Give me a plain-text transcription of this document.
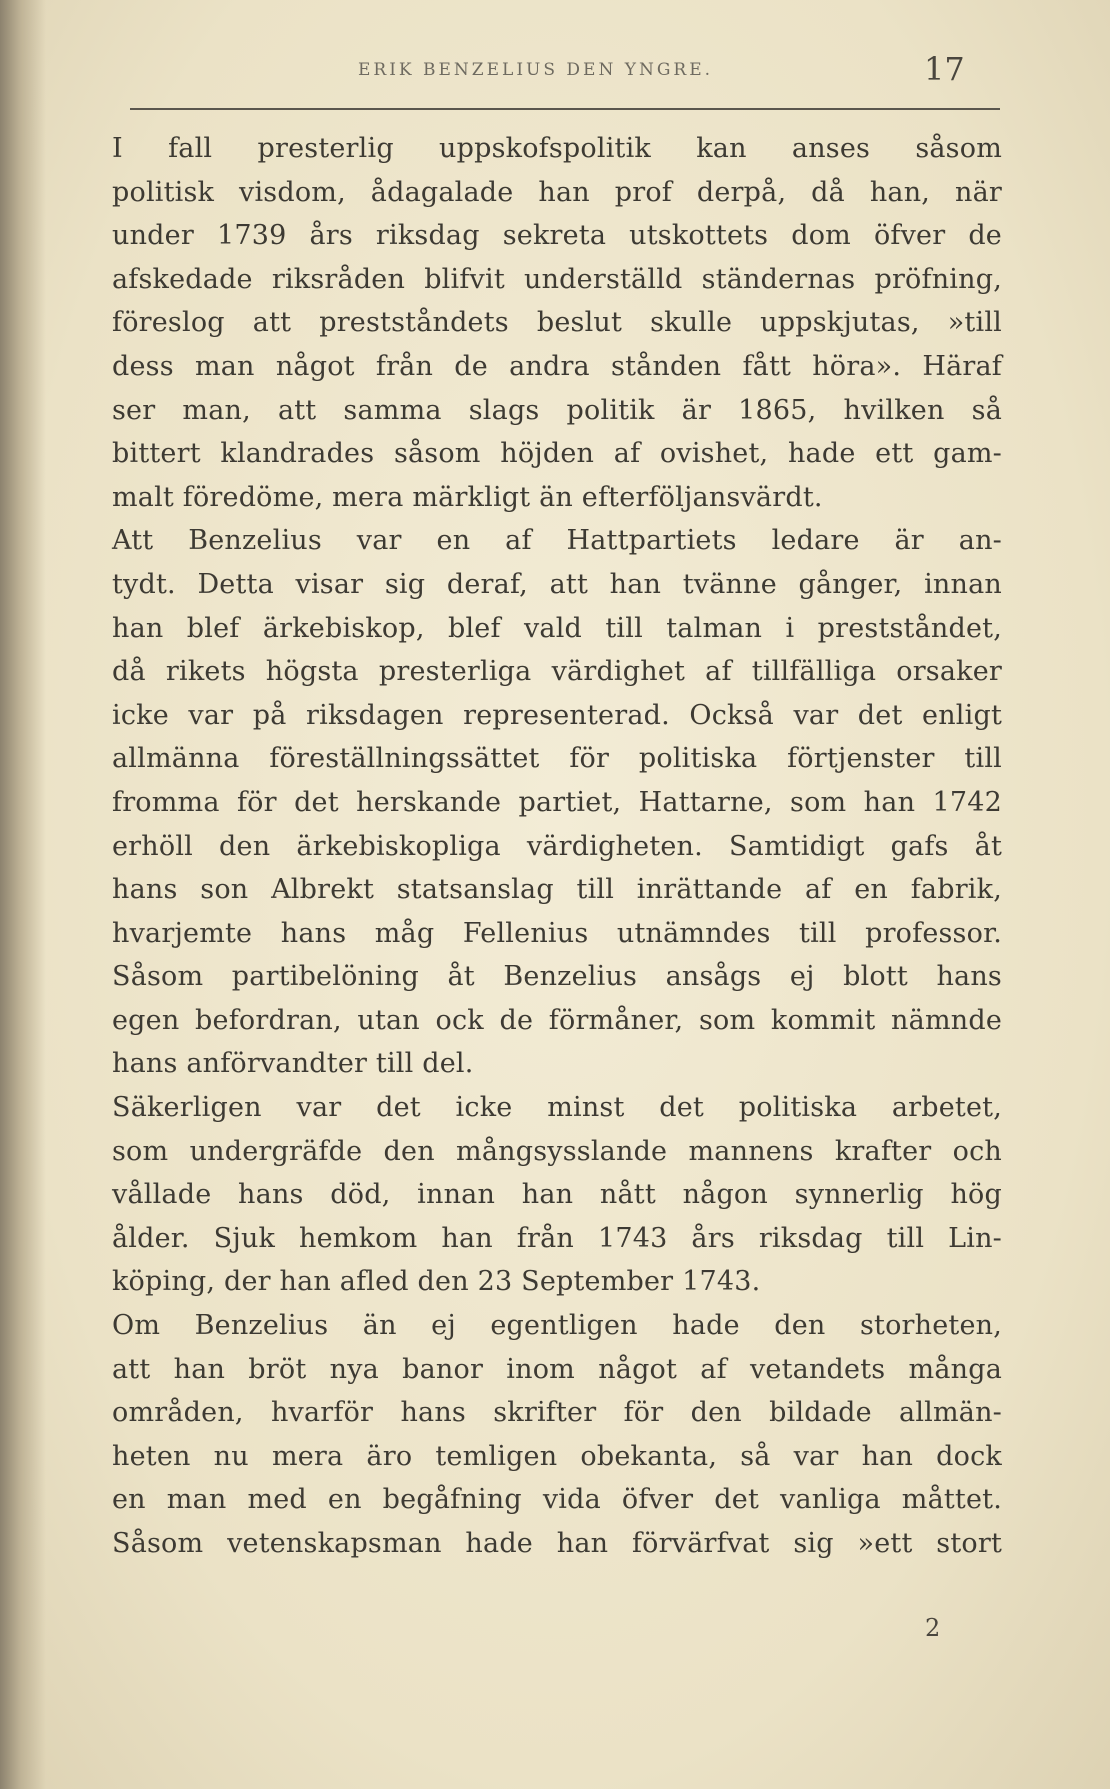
ERIK BENZELIUS DEN YNGRE.	17
I fall presterlig uppskofspolitik kan anses såsom
politisk visdom, ådagalade han prof derpå, då han, när
under 1739 års riksdag sekreta utskottets dom öfver de
afskedade riksråden blifvit underställd ständernas pröfning,
föreslog att prestståndets beslut skulle uppskjutas, »till
dess man något från de andra stånden fått höra». Häraf
ser man, att samma slags politik är 1865, hvilken så
bittert klandrades såsom höjden af ovishet, hade ett gam-
malt föredöme, mera märkligt än efterföljansvärdt.
Att Benzelius var en af Hattpartiets ledare är an-
tydt. Detta visar sig deraf, att han tvänne gånger, innan
han blef ärkebiskop, blef vald till talman i prestståndet,
då rikets högsta presterliga värdighet af tillfälliga orsaker
icke var på riksdagen representerad. Också var det enligt
allmänna föreställningssättet för politiska förtjenster till
fromma för det herskande partiet, Hattarne, som han 1742
erhöll den ärkebiskopliga värdigheten. Samtidigt gafs åt
hans son Albrekt statsanslag till inrättande af en fabrik,
hvarjemte hans måg Fellenius utnämndes till professor.
Såsom partibelöning åt Benzelius ansågs ej blott hans
egen befordran, utan ock de förmåner, som kommit nämnde
hans anförvandter till del.
Säkerligen var det icke minst det politiska arbetet,
som undergräfde den mångsysslande mannens krafter och
vållade hans död, innan han nått någon synnerlig hög
ålder. Sjuk hemkom han från 1743 års riksdag till Lin-
köping, der han afled den 23 September 1743.
Om Benzelius än ej egentligen hade den storheten,
att han bröt nya banor inom något af vetandets många
områden, hvarför hans skrifter för den bildade allmän-
heten nu mera äro temligen obekanta, så var han dock
en man med en begåfning vida öfver det vanliga måttet.
Såsom vetenskapsman hade han förvärfvat sig »ett stort
2
